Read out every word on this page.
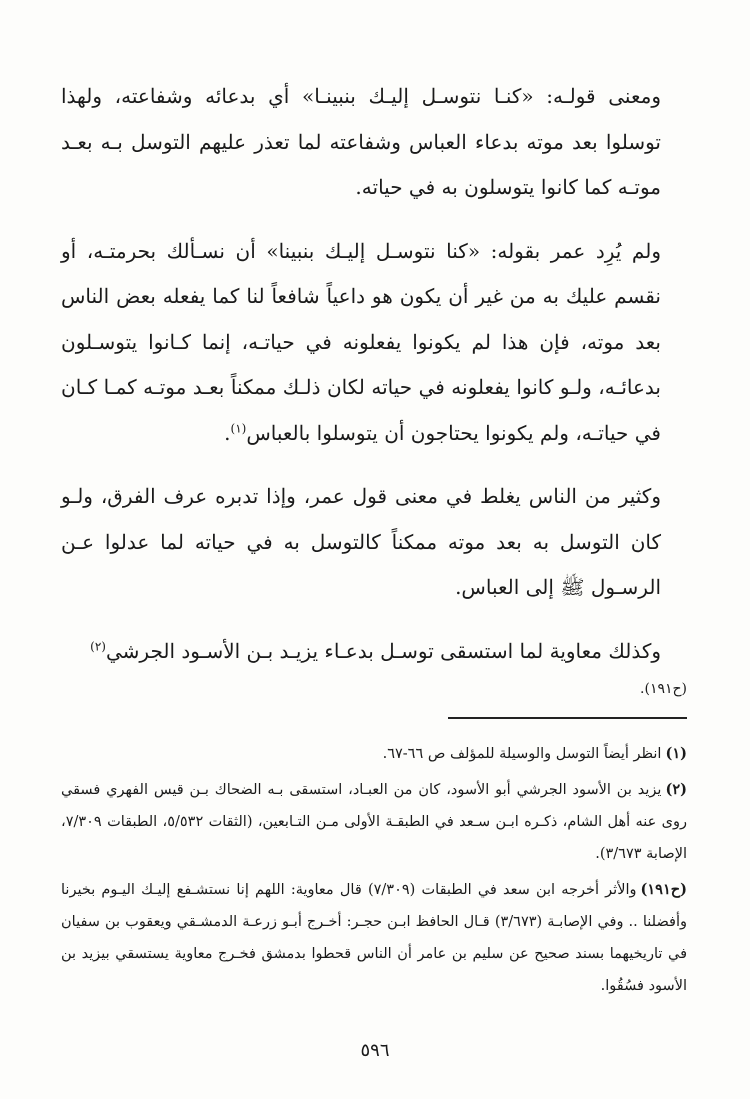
ومعنى قولـه: «كنـا نتوسـل إليـك بنبينـا» أي بدعائه وشفاعته، ولهذا توسلوا بعد موته بدعاء العباس وشفاعته لما تعذر عليهم التوسل بـه بعـد موتـه كما كانوا يتوسلون به في حياته.

ولم يُرِد عمر بقوله: «كنا نتوسـل إليـك بنبينا» أن نسـألك بحرمتـه، أو نقسم عليك به من غير أن يكون هو داعياً شافعاً لنا كما يفعله بعض الناس بعد موته، فإن هذا لم يكونوا يفعلونه في حياتـه، إنما كـانوا يتوسـلون بدعائـه، ولـو كانوا يفعلونه في حياته لكان ذلـك ممكناً بعـد موتـه كمـا كـان في حياتـه، ولم يكونوا يحتاجون أن يتوسلوا بالعباس$^{(١)}$.

وكثير من الناس يغلط في معنى قول عمر، وإذا تدبره عرف الفرق، ولـو كان التوسل به بعد موته ممكناً كالتوسل به في حياته لما عدلوا عـن الرسـول ﷺ إلى العباس.

وكذلك معاوية لما استسقى توسـل بدعـاء يزيـد بـن الأسـود الجرشي$^{(٢)}$

(ح١٩١).

(١)انظر أيضاً التوسل والوسيلة للمؤلف ص ٦٦-٦٧.

(٢)يزيد بن الأسود الجرشي أبو الأسود، كان من العبـاد، استسقى بـه الضحاك بـن قيس الفهري فسقي روى عنه أهل الشام، ذكـره ابـن سـعد في الطبقـة الأولى مـن التـابعين، (الثقات ٥/٥٣٢، الطبقات ٧/٣٠٩، الإصابة ٣/٦٧٣).

(ح١٩١)والأثر أخرجه ابن سعد في الطبقات (٧/٣٠٩) قال معاوية: اللهم إنا نستشـفع إليـك اليـوم بخيرنا وأفضلنا .. وفي الإصابـة (٣/٦٧٣) قـال الحافظ ابـن حجـر: أخـرج أبـو زرعـة الدمشـقي ويعقوب بن سفيان في تاريخيهما بسند صحيح عن سليم بن عامر أن الناس قحطوا بدمشق فخـرج معاوية يستسقي بيزيد بن الأسود فسُقُوا.

٥٩٦
